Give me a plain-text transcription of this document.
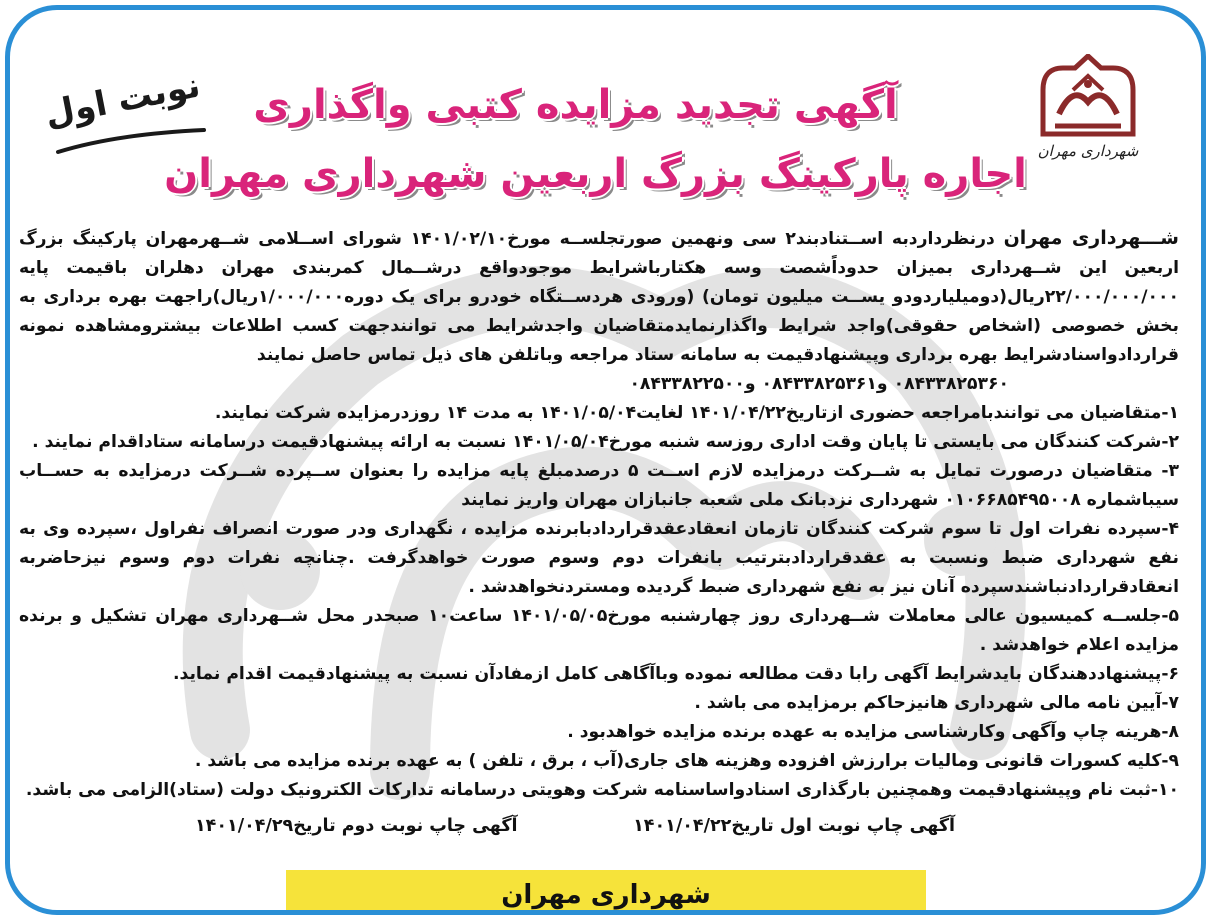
شهرداری مهران
نوبت اول	آگهی تجدید مزایده کتبی واگذاری
اجاره پارکینگ بزرگ اربعین شهرداری مهران

شـــهرداری مهران درنظرداردبه اســتنادبند۲ سی ونهمین صورتجلســه مورخ۱۴۰۱/۰۲/۱۰ شورای اســلامی شــهرمهران پارکینگ بزرگ اربعین این شــهرداری بمیزان حدوداًشصت وسه هکتارباشرایط موجودواقع درشــمال کمربندی مهران دهلران باقیمت پایه ۲۲/۰۰۰/۰۰۰/۰۰۰ریال(دومیلیاردودو یســت میلیون تومان) (ورودی هردســتگاه خودرو برای یک دوره۱/۰۰۰/۰۰۰ریال)راجهت بهره برداری به بخش خصوصی (اشخاص حقوقی)واجد شرایط واگذارنمایدمتقاضیان واجدشرایط می توانندجهت کسب اطلاعات بیشترومشاهده نمونه قراردادواسنادشرایط بهره برداری وپیشنهادقیمت به سامانه ستاد مراجعه وباتلفن های ذیل تماس حاصل نمایند

۰۸۴۳۳۸۲۵۳۶۰ و۰۸۴۳۳۸۲۵۳۶۱ و۰۸۴۳۳۸۲۲۵۰۰

۱-متقاضیان می توانندبامراجعه حضوری ازتاریخ۱۴۰۱/۰۴/۲۲ لغایت۱۴۰۱/۰۵/۰۴ به مدت ۱۴ روزدرمزایده شرکت نمایند.

۲-شرکت کنندگان می بایستی تا پایان وقت اداری روزسه شنبه مورخ۱۴۰۱/۰۵/۰۴ نسبت به ارائه پیشنهادقیمت درسامانه ستاداقدام نمایند .

۳- متقاضیان درصورت تمایل به شــرکت درمزایده لازم اســت ۵ درصدمبلغ پایه مزایده را بعنوان ســپرده شــرکت درمزایده به حســاب سیباشماره ۰۱۰۶۶۸۵۴۹۵۰۰۸ شهرداری نزدبانک ملی شعبه جانبازان مهران واریز نمایند

۴-سپرده نفرات اول تا سوم شرکت کنندگان تازمان انعقادعقدقراردادبابرنده مزایده ، نگهداری ودر صورت انصراف نفراول ،سپرده وی به نفع شهرداری ضبط ونسبت به عقدقراردادبترتیب بانفرات دوم وسوم صورت خواهدگرفت .چنانچه نفرات دوم وسوم نیزحاضربه انعقادقراردادنباشندسپرده آنان نیز به نفع شهرداری ضبط گردیده ومستردنخواهدشد .

۵-جلســه کمیسیون عالی معاملات شــهرداری روز چهارشنبه مورخ۱۴۰۱/۰۵/۰۵ ساعت۱۰ صبحدر محل شــهرداری مهران تشکیل و برنده مزایده اعلام خواهدشد .

۶-پیشنهاددهندگان بایدشرایط آگهی رابا دقت مطالعه نموده وباآگاهی کامل ازمفادآن نسبت به پیشنهادقیمت اقدام نماید.

۷-آیین نامه مالی شهرداری هانیزحاکم برمزایده می باشد .

۸-هرینه چاپ وآگهی وکارشناسی مزایده به عهده برنده مزایده خواهدبود .

۹-کلیه کسورات قانونی ومالیات برارزش افزوده وهزینه های جاری(آب ، برق ، تلفن ) به عهده برنده مزایده می باشد .

۱۰-ثبت نام وپیشنهادقیمت وهمچنین بارگذاری اسنادواساسنامه شرکت وهویتی درسامانه تدارکات الکترونیک دولت (ستاد)الزامی می باشد.

آگهی چاپ نوبت اول تاریخ۱۴۰۱/۰۴/۲۲
آگهی چاپ نوبت دوم تاریخ۱۴۰۱/۰۴/۲۹
شهرداری مهران
